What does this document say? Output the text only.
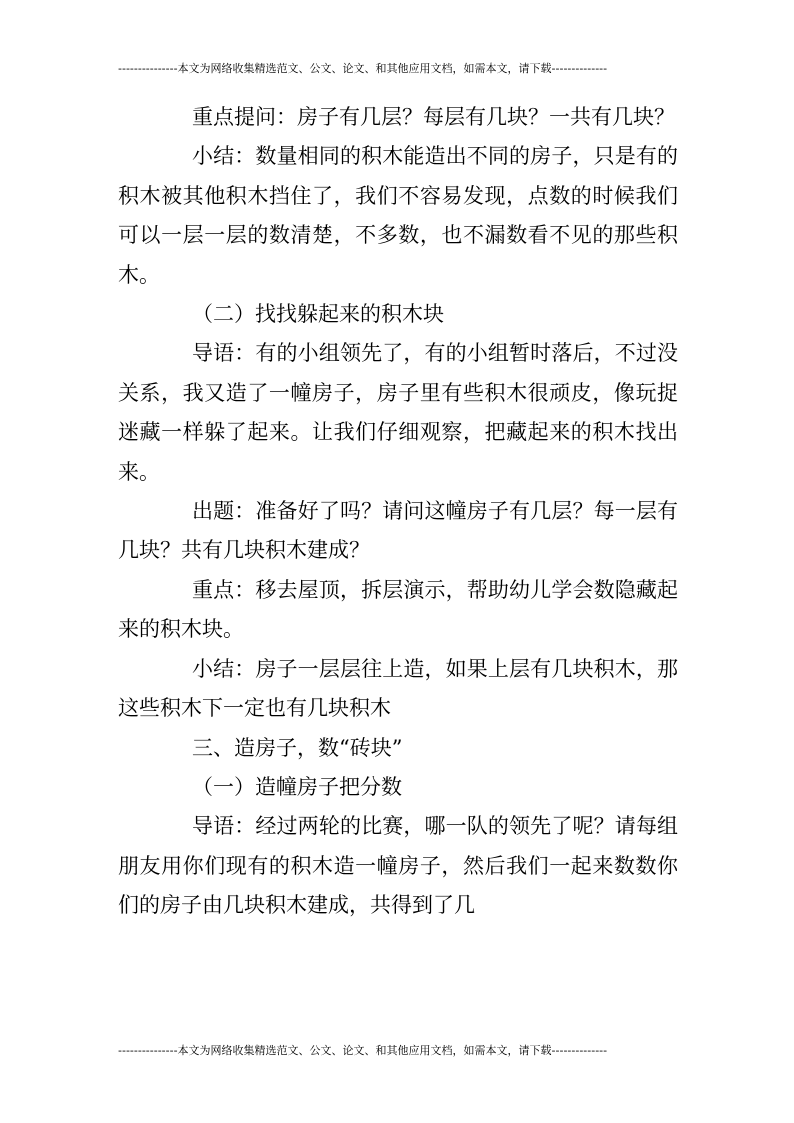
---------------本文为网络收集精选范文、公文、论文、和其他应用文档，如需本文，请下载--------------

重点提问：房子有几层？每层有几块？一共有几块？

小结：数量相同的积木能造出不同的房子，只是有的积木被其他积木挡住了，我们不容易发现，点数的时候我们可以一层一层的数清楚，不多数，也不漏数看不见的那些积木。

（二）找找躲起来的积木块

导语：有的小组领先了，有的小组暂时落后，不过没关系，我又造了一幢房子，房子里有些积木很顽皮，像玩捉迷藏一样躲了起来。让我们仔细观察，把藏起来的积木找出来。

出题：准备好了吗？请问这幢房子有几层？每一层有几块？共有几块积木建成？

重点：移去屋顶，拆层演示，帮助幼儿学会数隐藏起来的积木块。

小结：房子一层层往上造，如果上层有几块积木，那这些积木下一定也有几块积木

三、造房子，数“砖块”

（一）造幢房子把分数

导语：经过两轮的比赛，哪一队的领先了呢？请每组朋友用你们现有的积木造一幢房子，然后我们一起来数数你们的房子由几块积木建成，共得到了几

---------------本文为网络收集精选范文、公文、论文、和其他应用文档，如需本文，请下载--------------
